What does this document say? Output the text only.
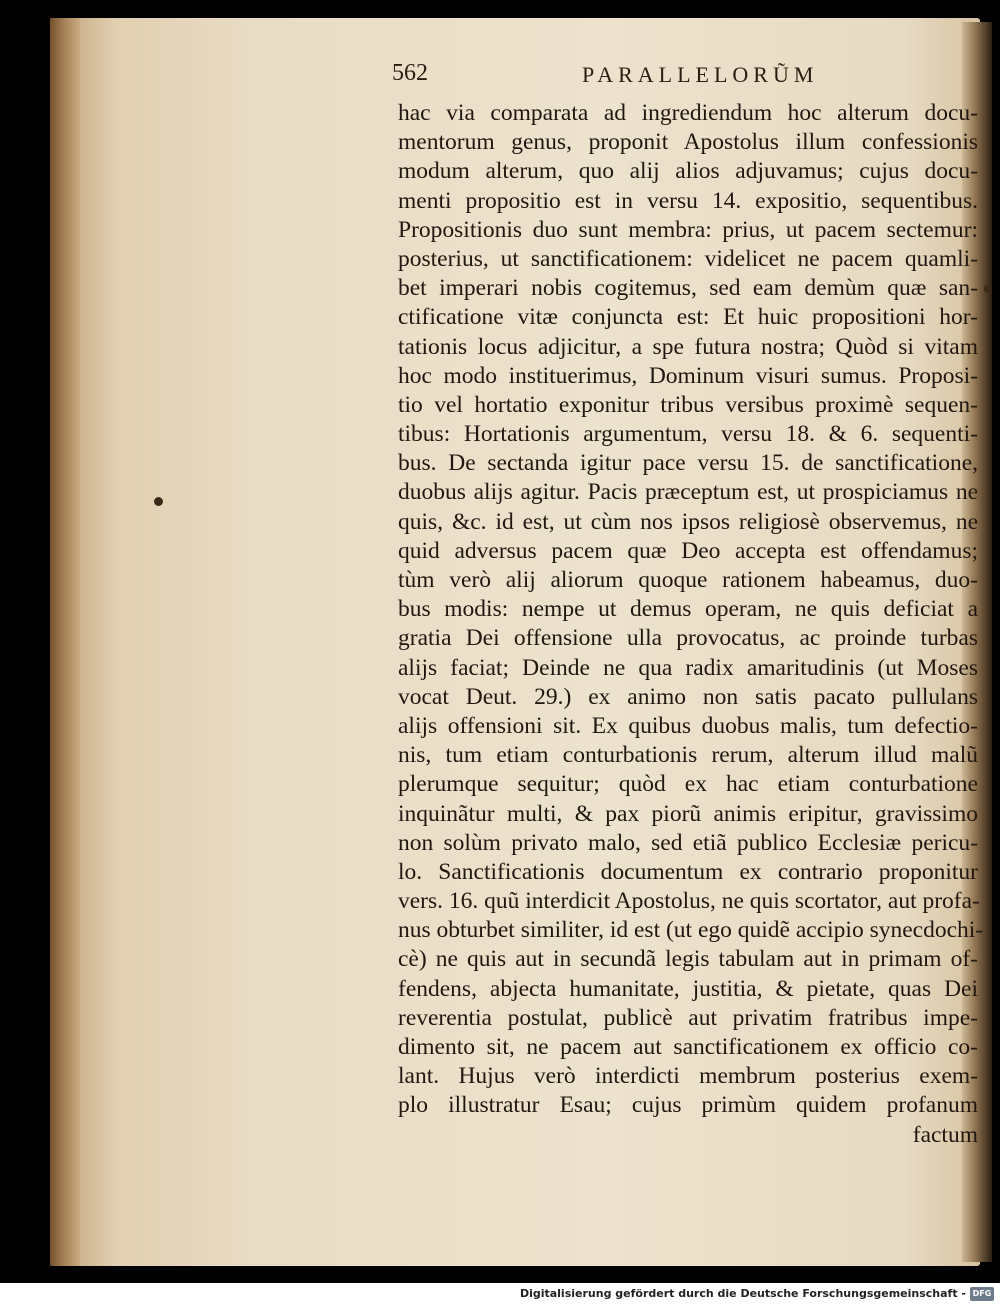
562	PARALLELORŨM
hac via comparata ad ingrediendum hoc alterum docu-
mentorum genus, proponit Apostolus illum confessionis
modum alterum, quo alij alios adjuvamus; cujus docu-
menti propositio est in versu 14. expositio, sequentibus.
Propositionis duo sunt membra: prius, ut pacem sectemur:
posterius, ut sanctificationem: videlicet ne pacem quamli-
bet imperari nobis cogitemus, sed eam demùm quæ san-
ctificatione vitæ conjuncta est: Et huic propositioni hor-
tationis locus adjicitur, a spe futura nostra; Quòd si vitam
hoc modo instituerimus, Dominum visuri sumus. Proposi-
tio vel hortatio exponitur tribus versibus proximè sequen-
tibus: Hortationis argumentum, versu 18. & 6. sequenti-
bus. De sectanda igitur pace versu 15. de sanctificatione,
duobus alijs agitur. Pacis præceptum est, ut prospiciamus ne
quis, &c. id est, ut cùm nos ipsos religiosè observemus, ne
quid adversus pacem quæ Deo accepta est offendamus;
tùm verò alij aliorum quoque rationem habeamus, duo-
bus modis: nempe ut demus operam, ne quis deficiat a
gratia Dei offensione ulla provocatus, ac proinde turbas
alijs faciat; Deinde ne qua radix amaritudinis (ut Moses
vocat Deut. 29.) ex animo non satis pacato pullulans
alijs offensioni sit. Ex quibus duobus malis, tum defectio-
nis, tum etiam conturbationis rerum, alterum illud malũ
plerumque sequitur; quòd ex hac etiam conturbatione
inquinãtur multi, & pax piorũ animis eripitur, gravissimo
non solùm privato malo, sed etiã publico Ecclesiæ pericu-
lo. Sanctificationis documentum ex contrario proponitur
vers. 16. quũ interdicit Apostolus, ne quis scortator, aut profa-
nus obturbet similiter, id est (ut ego quidẽ accipio synecdochi-
cè) ne quis aut in secundã legis tabulam aut in primam of-
fendens, abjecta humanitate, justitia, & pietate, quas Dei
reverentia postulat, publicè aut privatim fratribus impe-
dimento sit, ne pacem aut sanctificationem ex officio co-
lant. Hujus verò interdicti membrum posterius exem-
plo illustratur Esau; cujus primùm quidem profanum
factum
Digitalisierung gefördert durch die Deutsche Forschungsgemeinschaft - DFG
